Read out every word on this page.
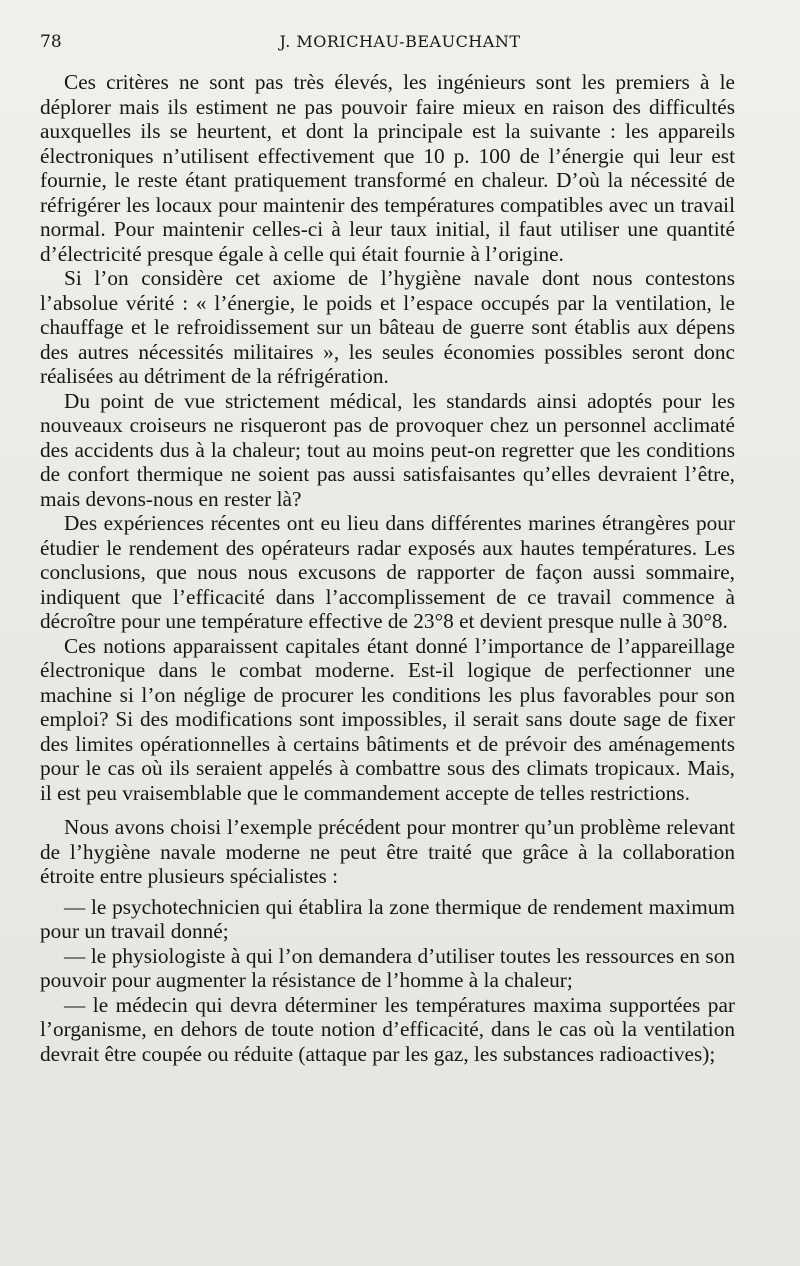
78	J. MORICHAU-BEAUCHANT

Ces critères ne sont pas très élevés, les ingénieurs sont les premiers à le déplorer mais ils estiment ne pas pouvoir faire mieux en raison des difficultés auxquelles ils se heurtent, et dont la principale est la suivante : les appareils électroniques n’utilisent effectivement que 10 p. 100 de l’énergie qui leur est fournie, le reste étant pratiquement transformé en chaleur. D’où la nécessité de réfrigérer les locaux pour maintenir des températures compatibles avec un travail normal. Pour maintenir celles-ci à leur taux initial, il faut utiliser une quantité d’électricité presque égale à celle qui était fournie à l’origine.

Si l’on considère cet axiome de l’hygiène navale dont nous contestons l’absolue vérité : « l’énergie, le poids et l’espace occupés par la ventilation, le chauffage et le refroidissement sur un bâteau de guerre sont établis aux dépens des autres nécessités militaires », les seules économies possibles seront donc réalisées au détriment de la réfrigération.

Du point de vue strictement médical, les standards ainsi adoptés pour les nouveaux croiseurs ne risqueront pas de provoquer chez un personnel acclimaté des accidents dus à la chaleur; tout au moins peut-on regretter que les conditions de confort thermique ne soient pas aussi satisfaisantes qu’elles devraient l’être, mais devons-nous en rester là?

Des expériences récentes ont eu lieu dans différentes marines étrangères pour étudier le rendement des opérateurs radar exposés aux hautes températures. Les conclusions, que nous nous excusons de rapporter de façon aussi sommaire, indiquent que l’efficacité dans l’accomplissement de ce travail commence à décroître pour une température effective de 23°8 et devient presque nulle à 30°8.

Ces notions apparaissent capitales étant donné l’importance de l’appareillage électronique dans le combat moderne. Est-il logique de perfectionner une machine si l’on néglige de procurer les conditions les plus favorables pour son emploi? Si des modifications sont impossibles, il serait sans doute sage de fixer des limites opérationnelles à certains bâtiments et de prévoir des aménagements pour le cas où ils seraient appelés à combattre sous des climats tropicaux. Mais, il est peu vraisemblable que le commandement accepte de telles restrictions.

Nous avons choisi l’exemple précédent pour montrer qu’un problème relevant de l’hygiène navale moderne ne peut être traité que grâce à la collaboration étroite entre plusieurs spécialistes :

— le psychotechnicien qui établira la zone thermique de rendement maximum pour un travail donné;

— le physiologiste à qui l’on demandera d’utiliser toutes les ressources en son pouvoir pour augmenter la résistance de l’homme à la chaleur;

— le médecin qui devra déterminer les températures maxima supportées par l’organisme, en dehors de toute notion d’efficacité, dans le cas où la ventilation devrait être coupée ou réduite (attaque par les gaz, les substances radioactives);
